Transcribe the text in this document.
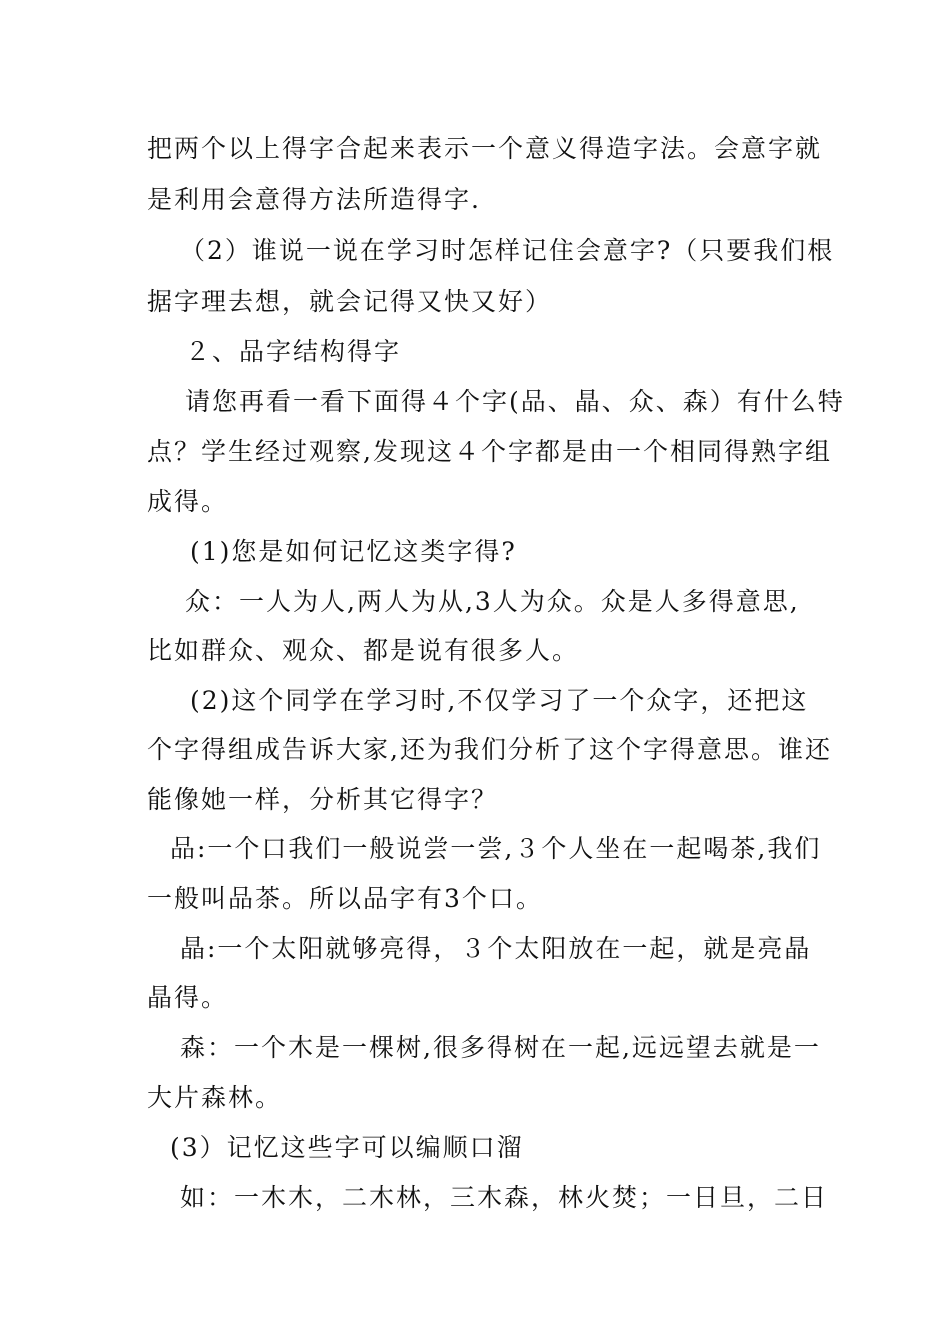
把两个以上得字合起来表示一个意义得造字法。会意字就
是利用会意得方法所造得字.
（2）谁说一说在学习时怎样记住会意字?（只要我们根
据字理去想，就会记得又快又好）
２、品字结构得字
请您再看一看下面得４个字(品、晶、众、森）有什么特
点？学生经过观察,发现这４个字都是由一个相同得熟字组
成得。
(1)您是如何记忆这类字得?
众：一人为人,两人为从,3人为众。众是人多得意思,
比如群众、观众、都是说有很多人。
(2)这个同学在学习时,不仅学习了一个众字，还把这
个字得组成告诉大家,还为我们分析了这个字得意思。谁还
能像她一样，分析其它得字？
品:一个口我们一般说尝一尝,３个人坐在一起喝茶,我们
一般叫品茶。所以品字有3个口。
晶:一个太阳就够亮得，３个太阳放在一起，就是亮晶
晶得。
森：一个木是一棵树,很多得树在一起,远远望去就是一
大片森林。
(3）记忆这些字可以编顺口溜
如：一木木，二木林，三木森，林火焚；一日旦，二日
